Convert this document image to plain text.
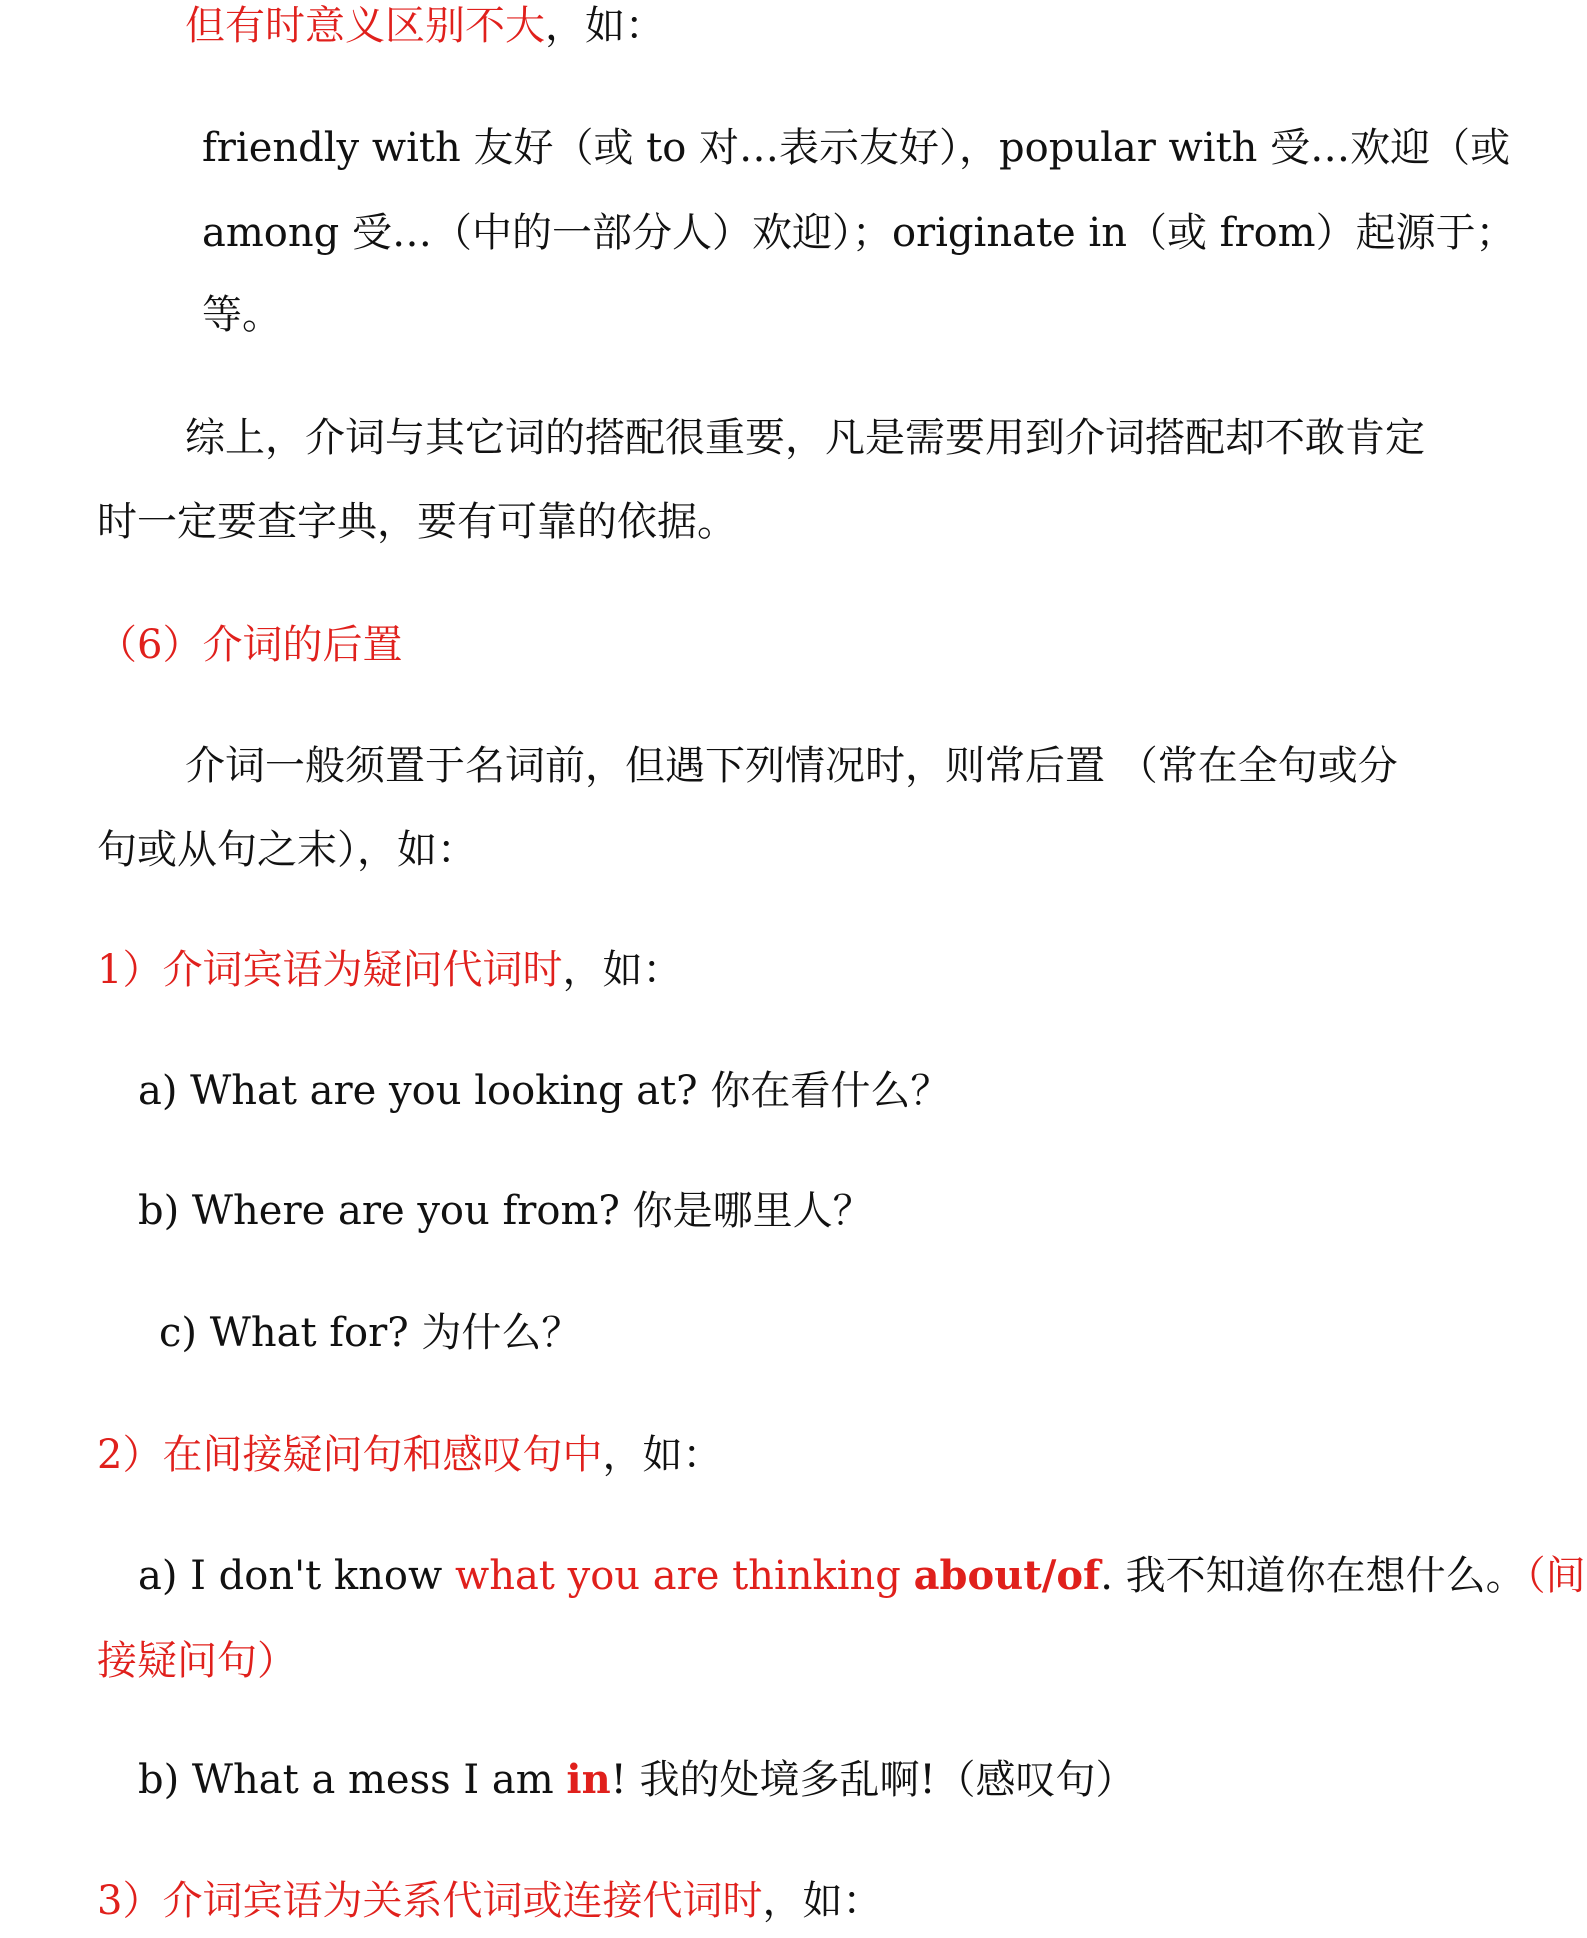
但有时意义区别不大，如：
friendly with 友好（或 to 对…表示友好），popular with 受…欢迎（或
among 受…（中的一部分人）欢迎）；originate in（或 from）起源于；
等。
综上，介词与其它词的搭配很重要，凡是需要用到介词搭配却不敢肯定
时一定要查字典，要有可靠的依据。
（6）介词的后置
介词一般须置于名词前，但遇下列情况时，则常后置 （常在全句或分
句或从句之末），如：
1）介词宾语为疑问代词时，如：
a) What are you looking at? 你在看什么？
b) Where are you from? 你是哪里人？
c) What for? 为什么？
2）在间接疑问句和感叹句中，如：
a) I don't know what you are thinking about/of. 我不知道你在想什么。（间
接疑问句）
b) What a mess I am in! 我的处境多乱啊!（感叹句）
3）介词宾语为关系代词或连接代词时，如：
